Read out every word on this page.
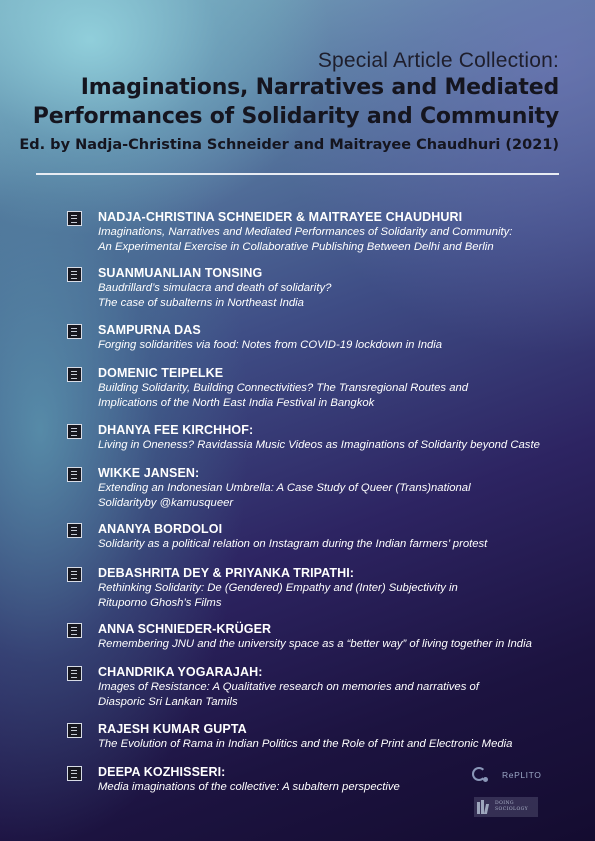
Special Article Collection:
Imaginations, Narratives and Mediated
Performances of Solidarity and Community
Ed. by Nadja-Christina Schneider and Maitrayee Chaudhuri (2021)
NADJA-CHRISTINA SCHNEIDER & MAITRAYEE CHAUDHURI
Imaginations, Narratives and Mediated Performances of Solidarity and Community:
An Experimental Exercise in Collaborative Publishing Between Delhi and Berlin
SUANMUANLIAN TONSING
Baudrillard’s simulacra and death of solidarity?
The case of subalterns in Northeast India
SAMPURNA DAS
Forging solidarities via food: Notes from COVID-19 lockdown in India
DOMENIC TEIPELKE
Building Solidarity, Building Connectivities? The Transregional Routes and
Implications of the North East India Festival in Bangkok
DHANYA FEE KIRCHHOF:
Living in Oneness? Ravidassia Music Videos as Imaginations of Solidarity beyond Caste
WIKKE JANSEN:
Extending an Indonesian Umbrella: A Case Study of Queer (Trans)national
Solidarityby @kamusqueer
ANANYA BORDOLOI
Solidarity as a political relation on Instagram during the Indian farmers’ protest
DEBASHRITA DEY & PRIYANKA TRIPATHI:
Rethinking Solidarity: De (Gendered) Empathy and (Inter) Subjectivity in
Rituporno Ghosh’s Films
ANNA SCHNIEDER-KRÜGER
Remembering JNU and the university space as a “better way” of living together in India
CHANDRIKA YOGARAJAH:
Images of Resistance: A Qualitative research on memories and narratives of
Diasporic Sri Lankan Tamils
RAJESH KUMAR GUPTA
The Evolution of Rama in Indian Politics and the Role of Print and Electronic Media
DEEPA KOZHISSERI:
Media imaginations of the collective: A subaltern perspective
RePLITO
DOING
SOCIOLOGY
